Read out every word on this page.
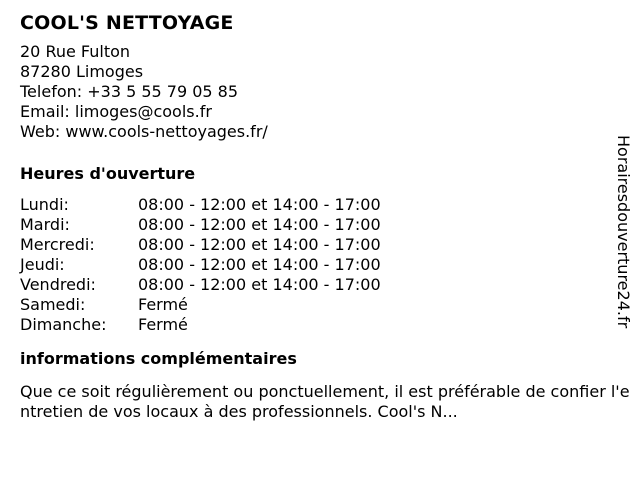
COOL'S NETTOYAGE
20 Rue Fulton
87280 Limoges
Telefon: +33 5 55 79 05 85
Email: limoges@cools.fr
Web: www.cools-nettoyages.fr/
Heures d'ouverture
Lundi:	08:00 - 12:00 et 14:00 - 17:00
Mardi:	08:00 - 12:00 et 14:00 - 17:00
Mercredi:	08:00 - 12:00 et 14:00 - 17:00
Jeudi:	08:00 - 12:00 et 14:00 - 17:00
Vendredi:	08:00 - 12:00 et 14:00 - 17:00
Samedi:	Fermé
Dimanche:	Fermé
informations complémentaires
Que ce soit régulièrement ou ponctuellement, il est préférable de confier l'entretien de vos locaux à des professionnels. Cool's N...
Horairesdouverture24.fr
